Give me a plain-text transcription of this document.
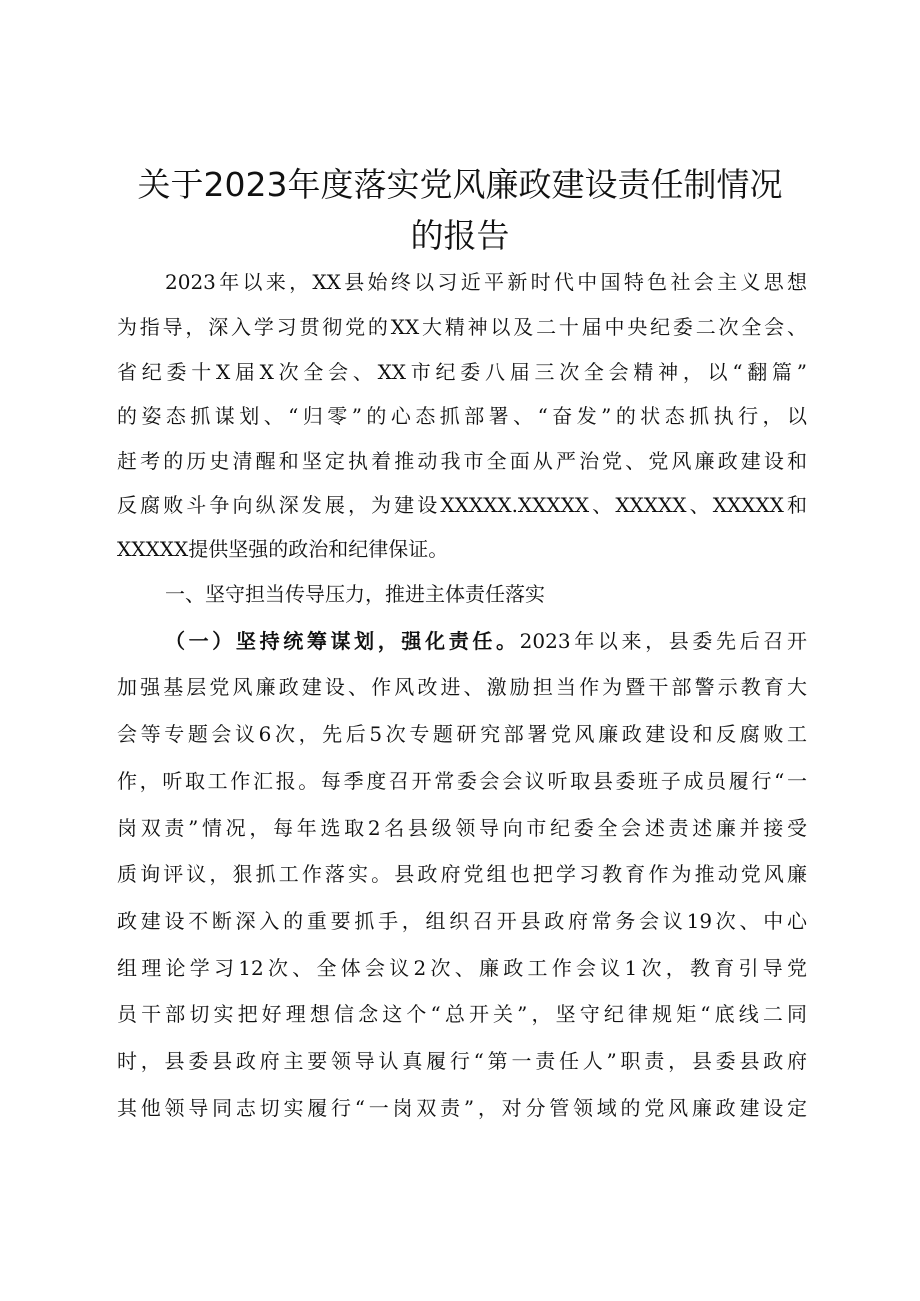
关于2023年度落实党风廉政建设责任制情况
的报告
2023年以来，XX县始终以习近平新时代中国特色社会主义思想
为指导，深入学习贯彻党的XX大精神以及二十届中央纪委二次全会、
省纪委十X届X次全会、XX市纪委八届三次全会精神，以“翻篇”
的姿态抓谋划、“归零”的心态抓部署、“奋发”的状态抓执行，以
赶考的历史清醒和坚定执着推动我市全面从严治党、党风廉政建设和
反腐败斗争向纵深发展，为建设XXXXX.XXXXX、XXXXX、XXXXX和
XXXXX提供坚强的政治和纪律保证。
一、坚守担当传导压力，推进主体责任落实
（一）坚持统筹谋划，强化责任。2023年以来，县委先后召开
加强基层党风廉政建设、作风改进、激励担当作为暨干部警示教育大
会等专题会议6次，先后5次专题研究部署党风廉政建设和反腐败工
作，听取工作汇报。每季度召开常委会会议听取县委班子成员履行“一
岗双责”情况，每年选取2名县级领导向市纪委全会述责述廉并接受
质询评议，狠抓工作落实。县政府党组也把学习教育作为推动党风廉
政建设不断深入的重要抓手，组织召开县政府常务会议19次、中心
组理论学习12次、全体会议2次、廉政工作会议1次，教育引导党
员干部切实把好理想信念这个“总开关”，坚守纪律规矩“底线二同
时，县委县政府主要领导认真履行“第一责任人”职责，县委县政府
其他领导同志切实履行“一岗双责”，对分管领域的党风廉政建设定
